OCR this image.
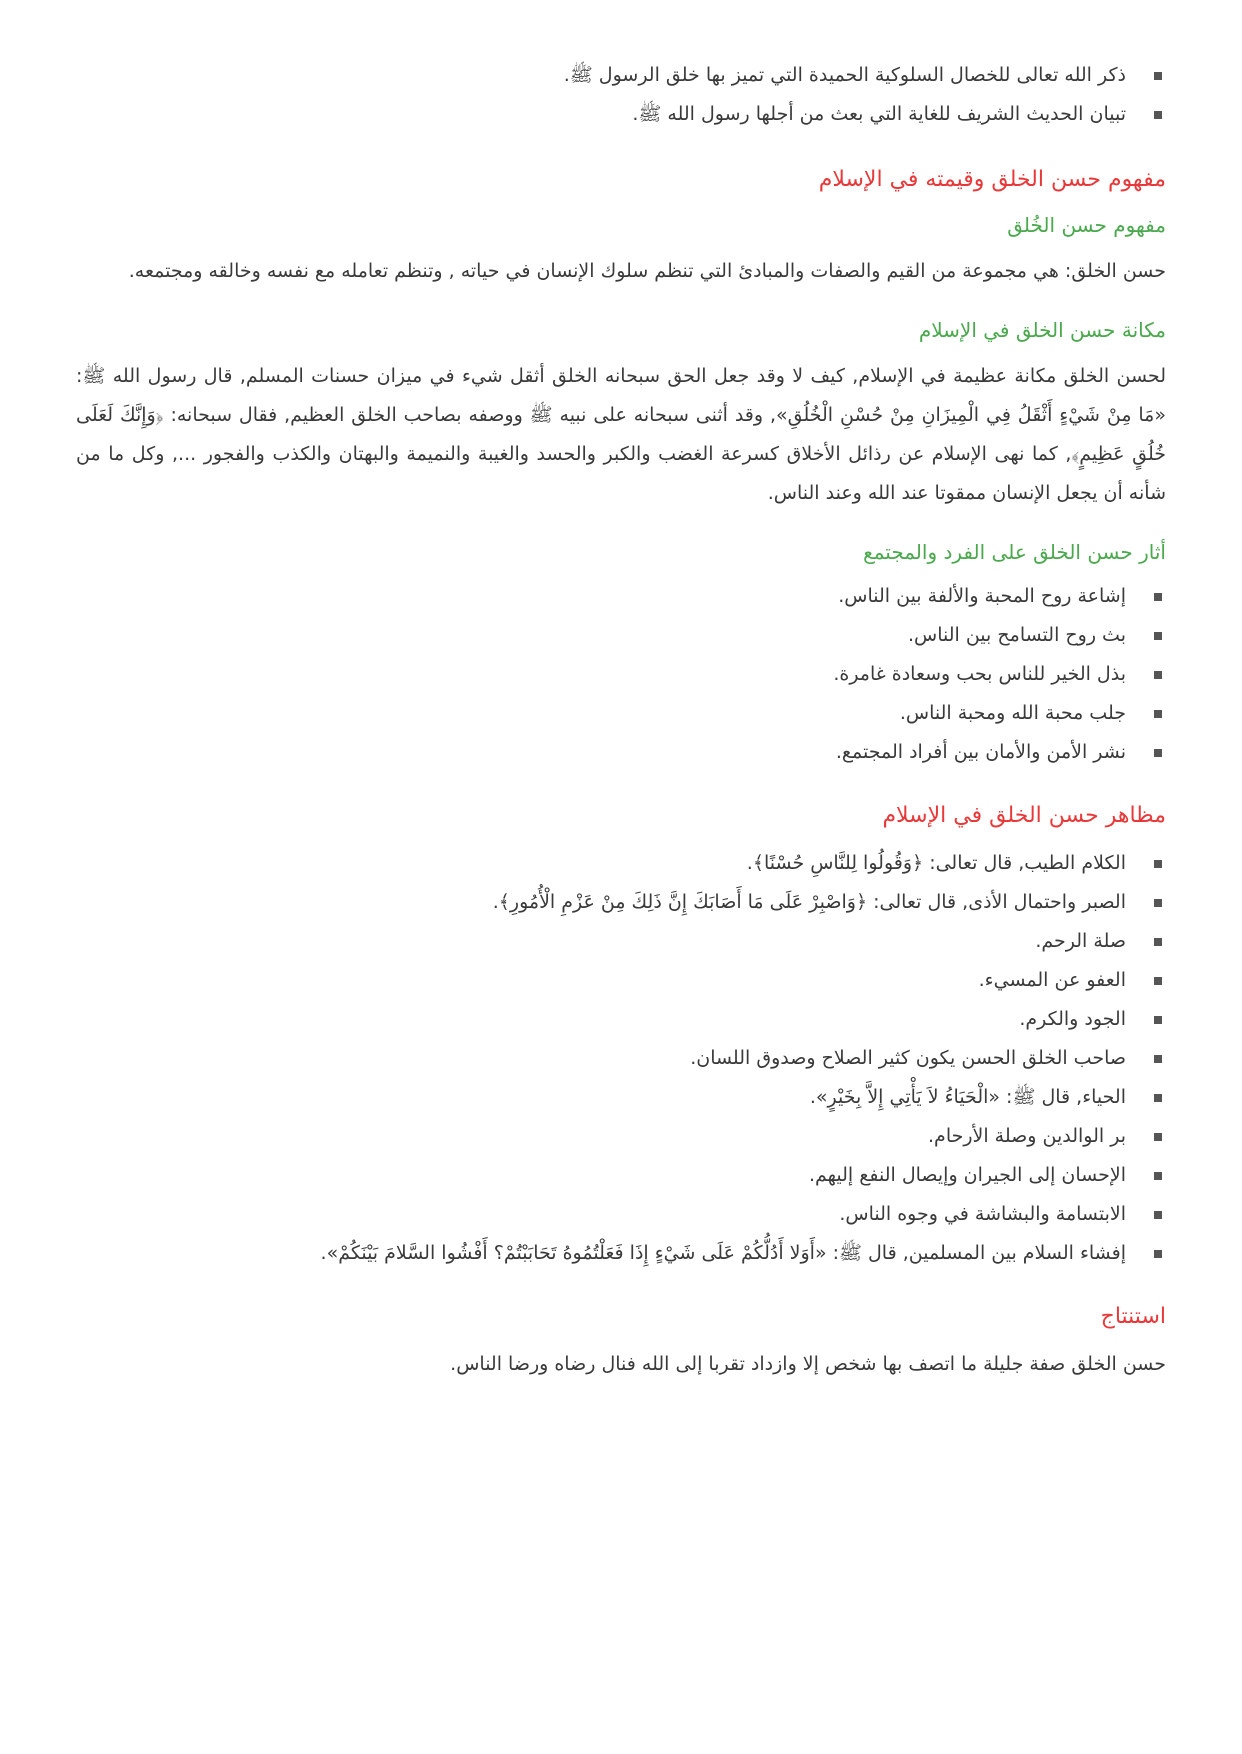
ذكر الله تعالى للخصال السلوكية الحميدة التي تميز بها خلق الرسول ﷺ.
تبيان الحديث الشريف للغاية التي بعث من أجلها رسول الله ﷺ.
مفهوم حسن الخلق وقيمته في الإسلام
مفهوم حسن الخُلق

حسن الخلق: هي مجموعة من القيم والصفات والمبادئ التي تنظم سلوك الإنسان في حياته , وتنظم تعامله مع نفسه وخالقه ومجتمعه.

مكانة حسن الخلق في الإسلام

لحسن الخلق مكانة عظيمة في الإسلام, كيف لا وقد جعل الحق سبحانه الخلق أثقل شيء في ميزان حسنات المسلم, قال رسول الله ﷺ: «مَا مِنْ شَيْءٍ أَثْقَلُ فِي الْمِيزَانِ مِنْ حُسْنِ الْخُلُقِ», وقد أثنى سبحانه على نبيه ﷺ ووصفه بصاحب الخلق العظيم, فقال سبحانه: ﴿وَإِنَّكَ لَعَلَى خُلُقٍ عَظِيمٍ﴾, كما نهى الإسلام عن رذائل الأخلاق كسرعة الغضب والكبر والحسد والغيبة والنميمة والبهتان والكذب والفجور ..., وكل ما من شأنه أن يجعل الإنسان ممقوتا عند الله وعند الناس.

أثار حسن الخلق على الفرد والمجتمع
إشاعة روح المحبة والألفة بين الناس.
بث روح التسامح بين الناس.
بذل الخير للناس بحب وسعادة غامرة.
جلب محبة الله ومحبة الناس.
نشر الأمن والأمان بين أفراد المجتمع.
مظاهر حسن الخلق في الإسلام
الكلام الطيب, قال تعالى: ﴿وَقُولُوا لِلنَّاسِ حُسْنًا﴾.
الصبر واحتمال الأذى, قال تعالى: ﴿وَاصْبِرْ عَلَى مَا أَصَابَكَ إِنَّ ذَلِكَ مِنْ عَزْمِ الْأُمُورِ﴾.
صلة الرحم.
العفو عن المسيء.
الجود والكرم.
صاحب الخلق الحسن يكون كثير الصلاح وصدوق اللسان.
الحياء, قال ﷺ: «الْحَيَاءُ لاَ يَأْتِي إِلاَّ بِخَيْرٍ».
بر الوالدين وصلة الأرحام.
الإحسان إلى الجيران وإيصال النفع إليهم.
الابتسامة والبشاشة في وجوه الناس.
إفشاء السلام بين المسلمين, قال ﷺ: «أَوَلا أَدُلُّكُمْ عَلَى شَيْءٍ إِذَا فَعَلْتُمُوهُ تَحَابَبْتُمْ؟ أَفْشُوا السَّلامَ بَيْنَكُمْ».
استنتاج

حسن الخلق صفة جليلة ما اتصف بها شخص إلا وازداد تقربا إلى الله فنال رضاه ورضا الناس.
